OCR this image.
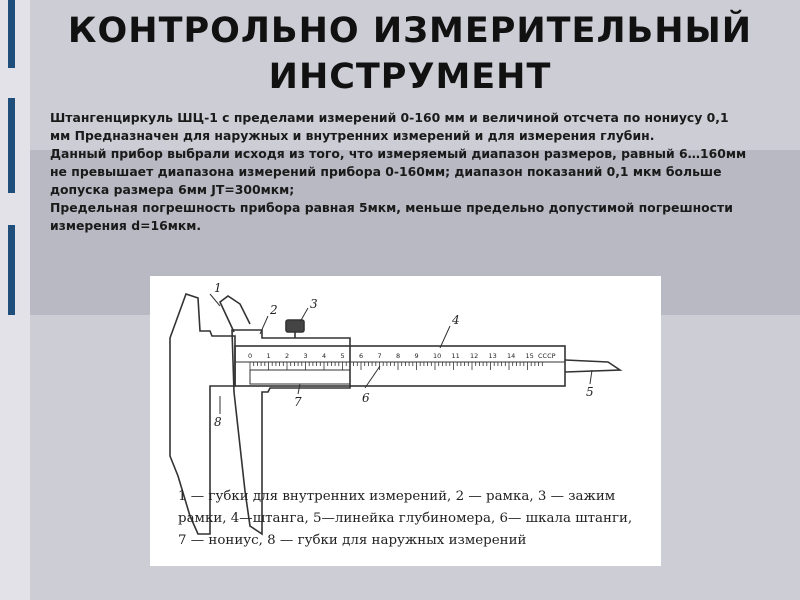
КОНТРОЛЬНО ИЗМЕРИТЕЛЬНЫЙ
ИНСТРУМЕНТ

Штангенциркуль ШЦ-1 с пределами измерений 0-160 мм и величиной отсчета по нониусу 0,1 мм Предназначен для наружных и внутренних измерений и для измерения глубин.

Данный прибор выбрали исходя из того, что измеряемый диапазон размеров, равный 6…160мм не превышает диапазона измерений прибора 0-160мм; диапазон показаний 0,1 мкм больше допуска размера 6мм JT=300мкм;

Предельная погрешность прибора равная 5мкм, меньше предельно допустимой погрешности измерения d=16мкм.

0 1 2 3 4 5 6 7 8 9 10 11 12 13 14 15 СССР
1
2	3
4
5
6
7
8
1 — губки для внутренних измерений, 2 — рамка, 3 — зажим
рамки, 4—штанга, 5—линейка глубиномера, 6— шкала штанги,
7 — нониус, 8 — губки для наружных измерений
